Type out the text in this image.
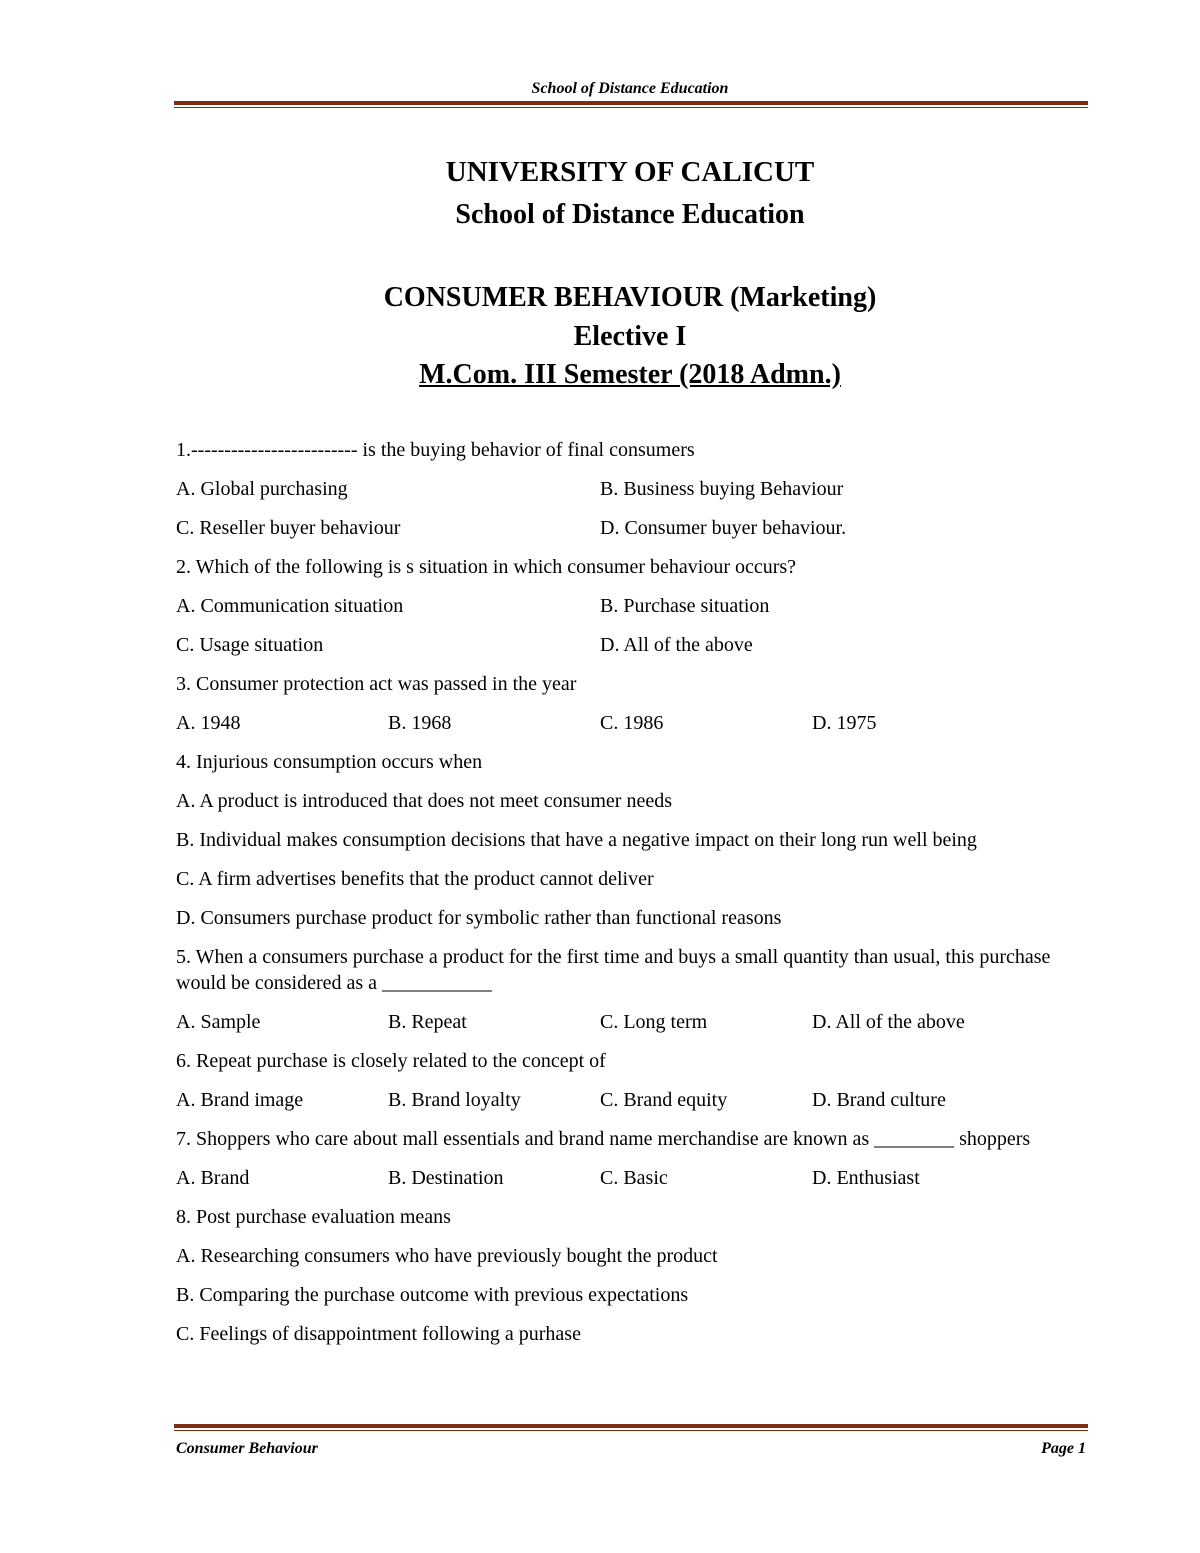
School of Distance Education
UNIVERSITY OF CALICUT
School of Distance Education
CONSUMER BEHAVIOUR (Marketing)
Elective I
M.Com. III Semester (2018 Admn.)
1.------------------------- is the buying behavior of final consumers
A. Global purchasing	B. Business buying Behaviour
C. Reseller buyer behaviour	D. Consumer buyer behaviour.
2. Which of the following is s situation in which consumer behaviour occurs?
A. Communication situation	B. Purchase situation
C. Usage situation	D. All of the above
3. Consumer protection act was passed in the year
A. 1948	B. 1968	C. 1986	D. 1975
4. Injurious consumption occurs when
A. A product is introduced that does not meet consumer needs
B. Individual makes consumption decisions that have a negative impact on their long run well being
C. A firm advertises benefits that the product cannot deliver
D. Consumers purchase product for symbolic rather than functional reasons
5. When a consumers purchase a product for the first time and buys a small quantity than usual, this purchase would be considered as a ___________
A. Sample	B. Repeat	C. Long term	D. All of the above
6. Repeat purchase is closely related to the concept of
A. Brand image	B. Brand loyalty	C. Brand equity	D. Brand culture
7. Shoppers who care about mall essentials and brand name merchandise are known as ________ shoppers
A. Brand	B. Destination	C. Basic	D. Enthusiast
8. Post purchase evaluation means
A. Researching consumers who have previously bought the product
B. Comparing the purchase outcome with previous expectations
C. Feelings of disappointment following a purhase
Consumer Behaviour	Page 1
